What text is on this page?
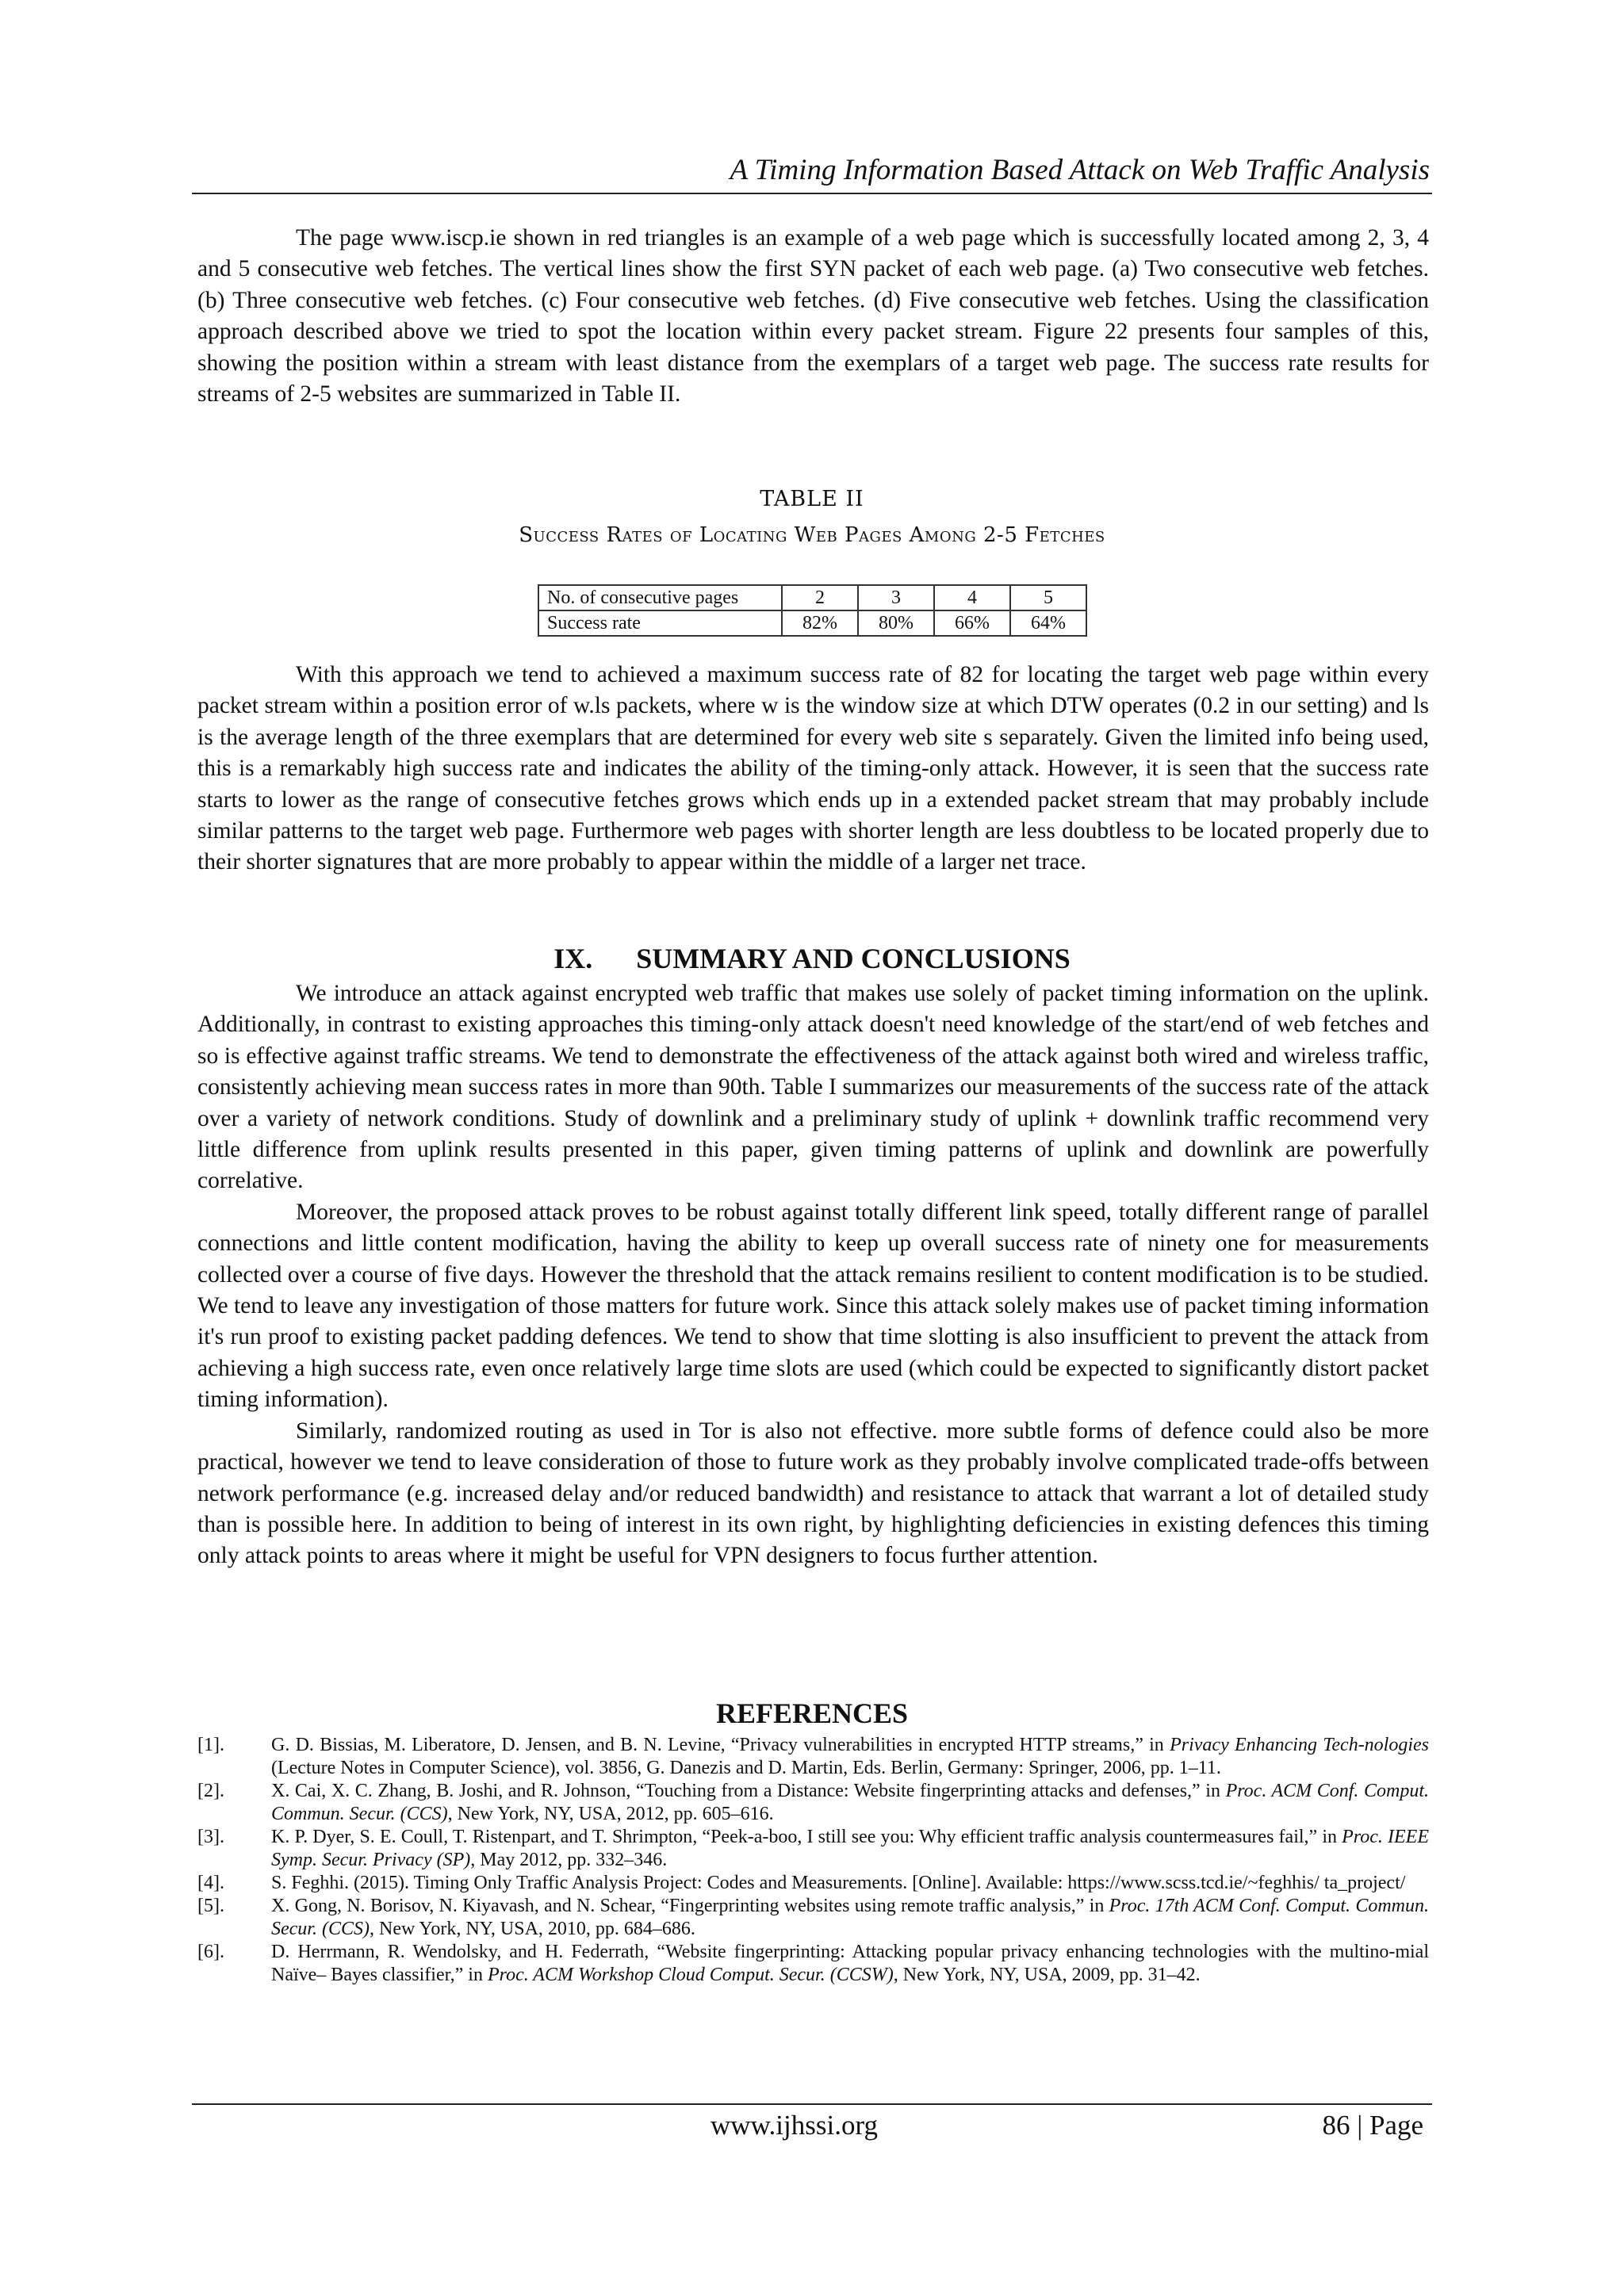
A Timing Information Based Attack on Web Traffic Analysis

The page www.iscp.ie shown in red triangles is an example of a web page which is successfully located among 2, 3, 4 and 5 consecutive web fetches. The vertical lines show the first SYN packet of each web page. (a) Two consecutive web fetches. (b) Three consecutive web fetches. (c) Four consecutive web fetches. (d) Five consecutive web fetches. Using the classification approach described above we tried to spot the location within every packet stream. Figure 22 presents four samples of this, showing the position within a stream with least distance from the exemplars of a target web page. The success rate results for streams of 2-5 websites are summarized in Table II.

TABLE II
Success Rates of Locating Web Pages Among 2-5 Fetches
No. of consecutive pages	2	3	4	5
Success rate	82%	80%	66%	64%

With this approach we tend to achieved a maximum success rate of 82 for locating the target web page within every packet stream within a position error of w.ls packets, where w is the window size at which DTW operates (0.2 in our setting) and ls is the average length of the three exemplars that are determined for every web site s separately. Given the limited info being used, this is a remarkably high success rate and indicates the ability of the timing-only attack. However, it is seen that the success rate starts to lower as the range of consecutive fetches grows which ends up in a extended packet stream that may probably include similar patterns to the target web page. Furthermore web pages with shorter length are less doubtless to be located properly due to their shorter signatures that are more probably to appear within the middle of a larger net trace.

IX. SUMMARY AND CONCLUSIONS

We introduce an attack against encrypted web traffic that makes use solely of packet timing information on the uplink. Additionally, in contrast to existing approaches this timing-only attack doesn't need knowledge of the start/end of web fetches and so is effective against traffic streams. We tend to demonstrate the effectiveness of the attack against both wired and wireless traffic, consistently achieving mean success rates in more than 90th. Table I summarizes our measurements of the success rate of the attack over a variety of network conditions. Study of downlink and a preliminary study of uplink + downlink traffic recommend very little difference from uplink results presented in this paper, given timing patterns of uplink and downlink are powerfully correlative.

Moreover, the proposed attack proves to be robust against totally different link speed, totally different range of parallel connections and little content modification, having the ability to keep up overall success rate of ninety one for measurements collected over a course of five days. However the threshold that the attack remains resilient to content modification is to be studied. We tend to leave any investigation of those matters for future work. Since this attack solely makes use of packet timing information it's run proof to existing packet padding defences. We tend to show that time slotting is also insufficient to prevent the attack from achieving a high success rate, even once relatively large time slots are used (which could be expected to significantly distort packet timing information).

Similarly, randomized routing as used in Tor is also not effective. more subtle forms of defence could also be more practical, however we tend to leave consideration of those to future work as they probably involve complicated trade-offs between network performance (e.g. increased delay and/or reduced bandwidth) and resistance to attack that warrant a lot of detailed study than is possible here. In addition to being of interest in its own right, by highlighting deficiencies in existing defences this timing only attack points to areas where it might be useful for VPN designers to focus further attention.

REFERENCES
[1].	G. D. Bissias, M. Liberatore, D. Jensen, and B. N. Levine, “Privacy vulnerabilities in encrypted HTTP streams,” in Privacy Enhancing Tech-nologies (Lecture Notes in Computer Science), vol. 3856, G. Danezis and D. Martin, Eds. Berlin, Germany: Springer, 2006, pp. 1–11.
[2].	X. Cai, X. C. Zhang, B. Joshi, and R. Johnson, “Touching from a Distance: Website fingerprinting attacks and defenses,” in Proc. ACM Conf. Comput. Commun. Secur. (CCS), New York, NY, USA, 2012, pp. 605–616.
[3].	K. P. Dyer, S. E. Coull, T. Ristenpart, and T. Shrimpton, “Peek-a-boo, I still see you: Why efficient traffic analysis countermeasures fail,” in Proc. IEEE Symp. Secur. Privacy (SP), May 2012, pp. 332–346.
[4].	S. Feghhi. (2015). Timing Only Traffic Analysis Project: Codes and Measurements. [Online]. Available: https://www.scss.tcd.ie/~feghhis/ ta_project/
[5].	X. Gong, N. Borisov, N. Kiyavash, and N. Schear, “Fingerprinting websites using remote traffic analysis,” in Proc. 17th ACM Conf. Comput. Commun. Secur. (CCS), New York, NY, USA, 2010, pp. 684–686.
[6].	D. Herrmann, R. Wendolsky, and H. Federrath, “Website fingerprinting: Attacking popular privacy enhancing technologies with the multino-mial Naïve– Bayes classifier,” in Proc. ACM Workshop Cloud Comput. Secur. (CCSW), New York, NY, USA, 2009, pp. 31–42.
www.ijhssi.org	86 | Page
